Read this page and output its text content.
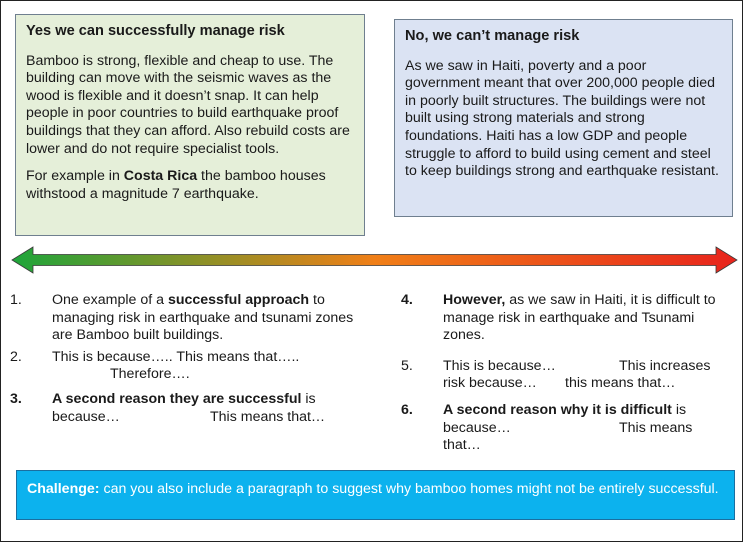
Yes we can successfully manage risk

Bamboo is strong, flexible and cheap to use. The building can move with the seismic waves as the wood is flexible and it doesn’t snap. It can help people in poor countries to build earthquake proof buildings that they can afford. Also rebuild costs are lower and do not require specialist tools.

For example in Costa Rica the bamboo houses withstood a magnitude 7 earthquake.

No, we can’t manage risk

As we saw in Haiti, poverty and a poor government meant that over 200,000 people died in poorly built structures. The buildings were not built using strong materials and strong foundations. Haiti has a low GDP and people struggle to afford to build using cement and steel to keep buildings strong and earthquake resistant.

1. One example of a successful approach to managing risk in earthquake and tsunami zones are Bamboo built buildings.
2. This is because….. This means that…..
Therefore….
3. A second reason they are successful is
because…	This means that…
4. However, as we saw in Haiti, it is difficult to manage risk in earthquake and Tsunami zones.
5. This is because…	This increases
risk because… this means that…
6. A second reason why it is difficult is
because…	This means
that…
Challenge: can you also include a paragraph to suggest why bamboo homes might not be entirely successful.
